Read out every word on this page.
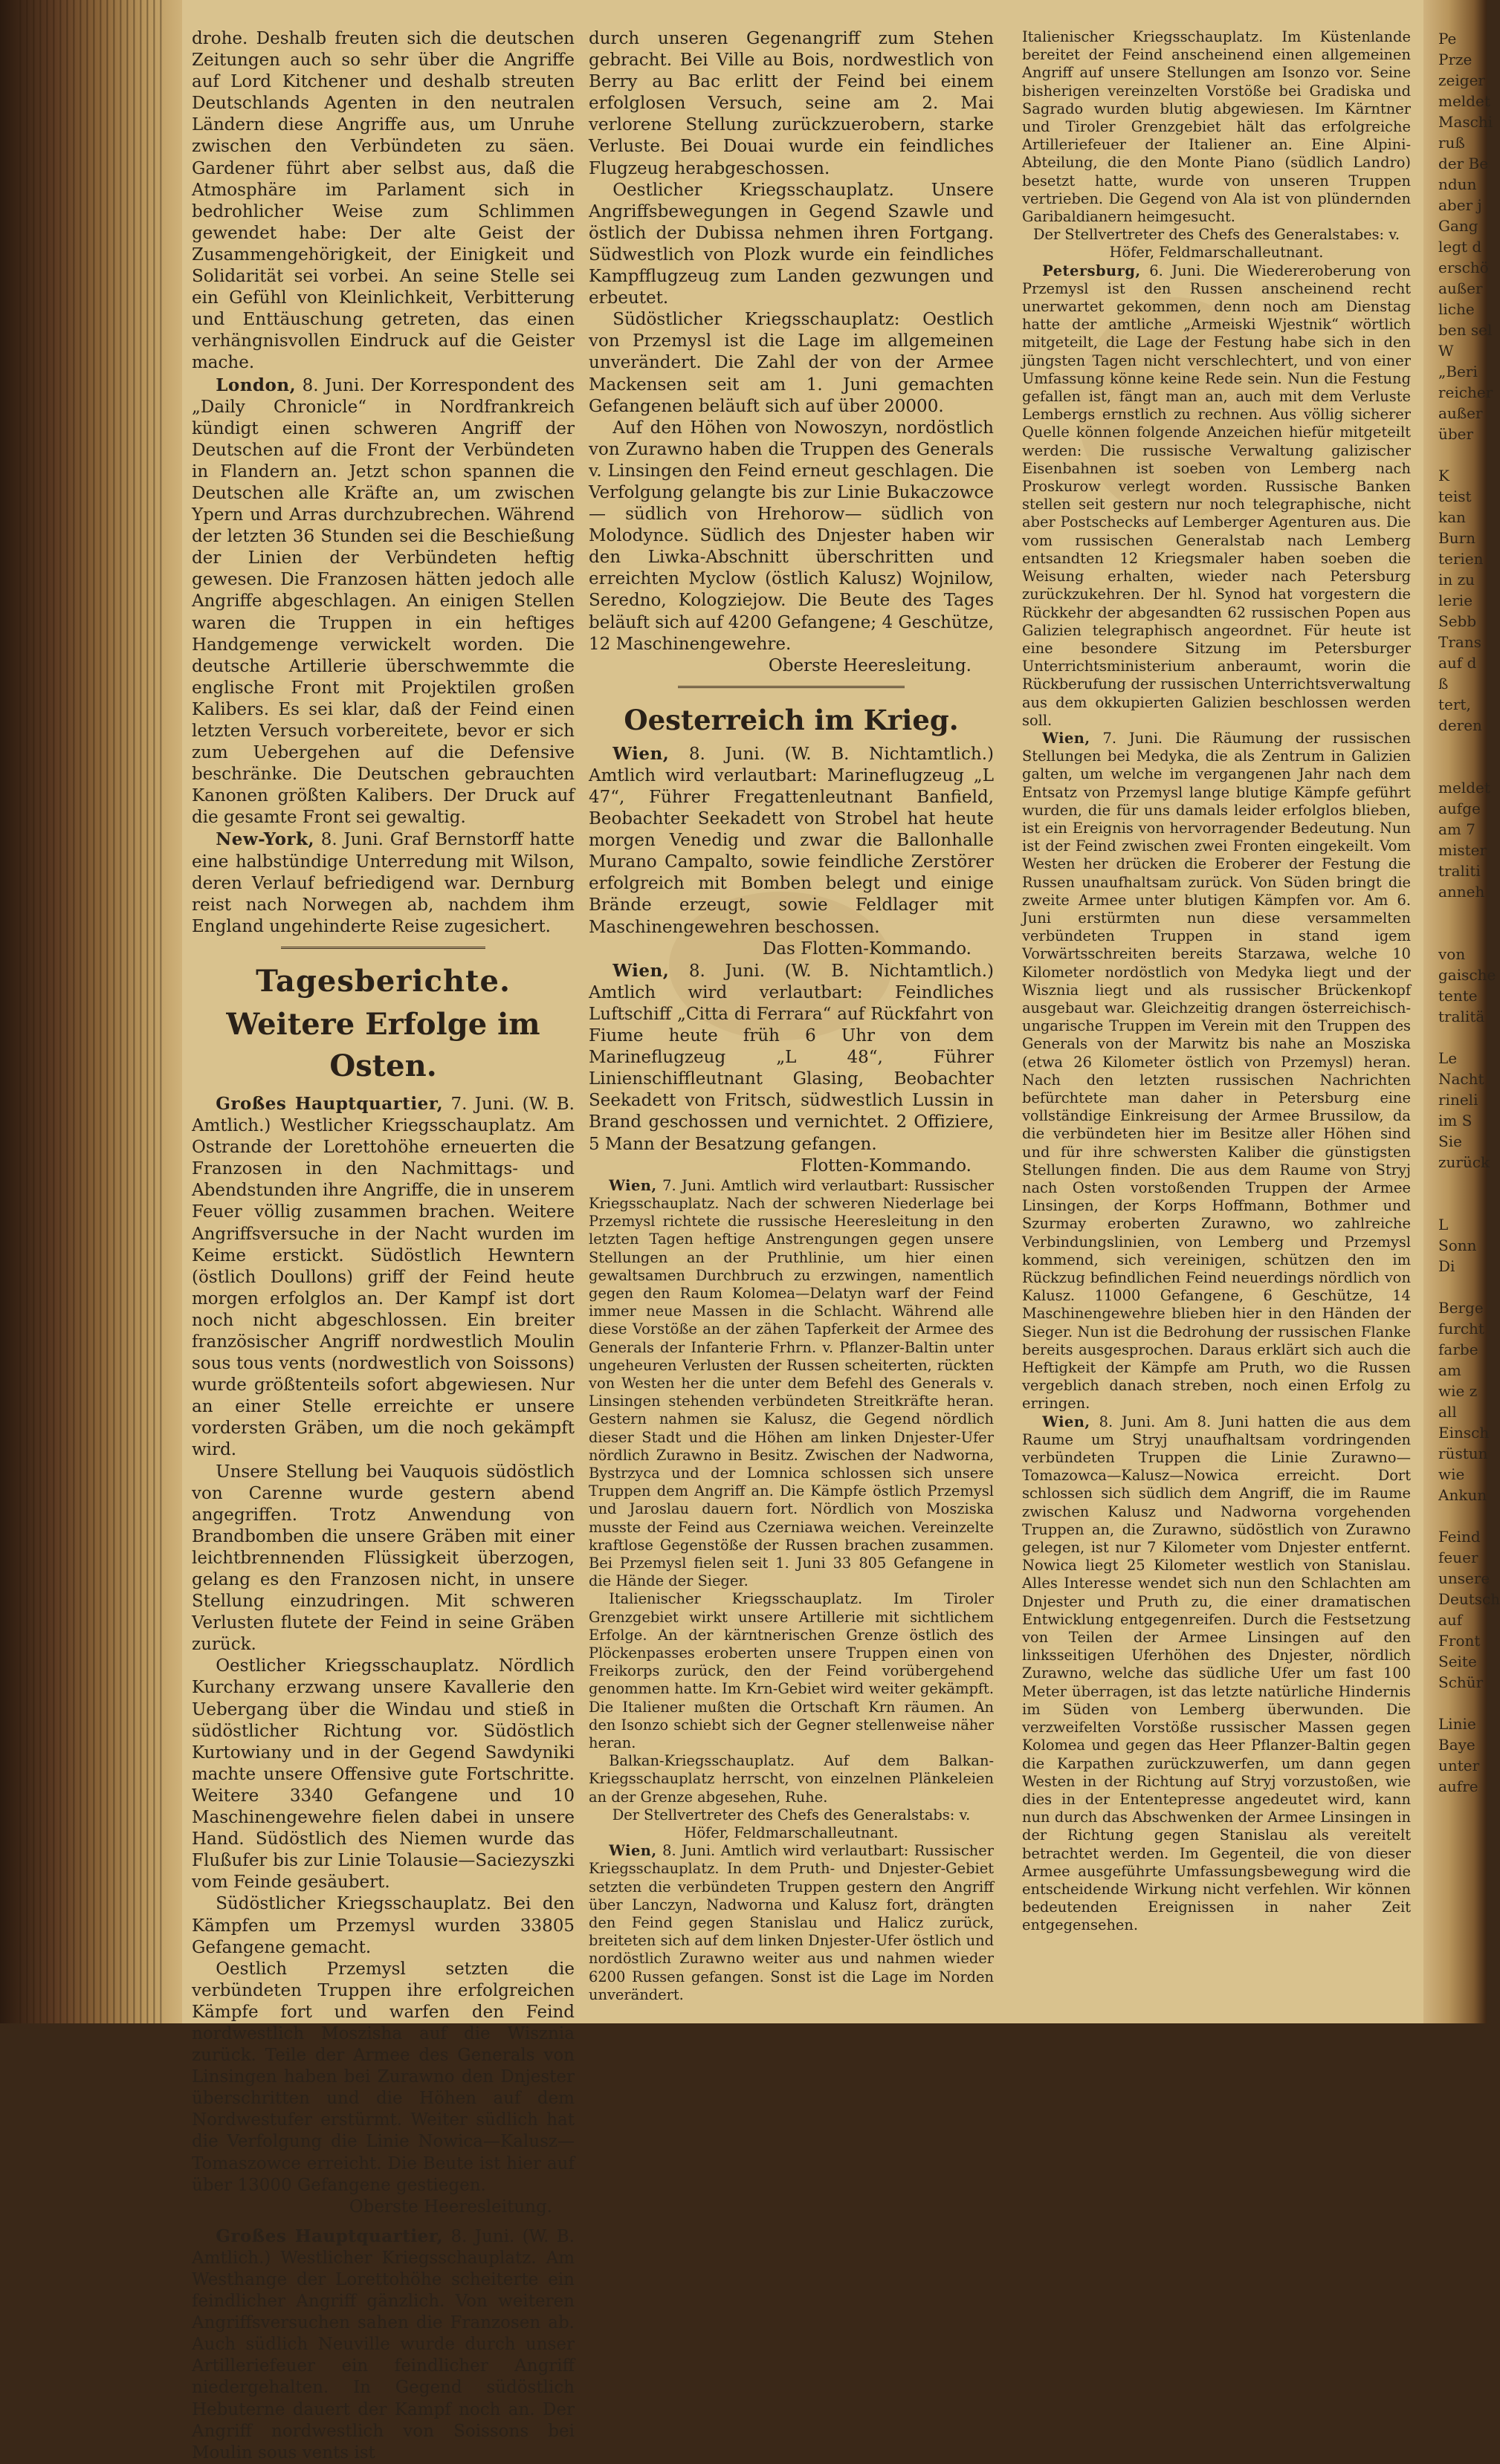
drohe. Deshalb freuten sich die deutschen Zeitungen auch so sehr über die Angriffe auf Lord Kitchener und deshalb streuten Deutschlands Agenten in den neutralen Ländern diese Angriffe aus, um Unruhe zwischen den Verbündeten zu säen. Gardener führt aber selbst aus, daß die Atmosphäre im Parlament sich in bedrohlicher Weise zum Schlimmen gewendet habe: Der alte Geist der Zusammengehörigkeit, der Einigkeit und Solidarität sei vorbei. An seine Stelle sei ein Gefühl von Kleinlichkeit, Verbitterung und Enttäuschung getreten, das einen verhängnisvollen Eindruck auf die Geister mache.

London, 8. Juni. Der Korrespondent des „Daily Chronicle“ in Nordfrankreich kündigt einen schweren Angriff der Deutschen auf die Front der Verbündeten in Flandern an. Jetzt schon spannen die Deutschen alle Kräfte an, um zwischen Ypern und Arras durchzubrechen. Während der letzten 36 Stunden sei die Beschießung der Linien der Verbündeten heftig gewesen. Die Franzosen hätten jedoch alle Angriffe abgeschlagen. An einigen Stellen waren die Truppen in ein heftiges Handgemenge verwickelt worden. Die deutsche Artillerie überschwemmte die englische Front mit Projektilen großen Kalibers. Es sei klar, daß der Feind einen letzten Versuch vorbereitete, bevor er sich zum Uebergehen auf die Defensive beschränke. Die Deutschen gebrauchten Kanonen größten Kalibers. Der Druck auf die gesamte Front sei gewaltig.

New-York, 8. Juni. Graf Bernstorff hatte eine halbstündige Unterredung mit Wilson, deren Verlauf befriedigend war. Dernburg reist nach Norwegen ab, nachdem ihm England ungehinderte Reise zugesichert.

Tagesberichte.
Weitere Erfolge im Osten.

Großes Hauptquartier, 7. Juni. (W. B. Amtlich.) Westlicher Kriegsschauplatz. Am Ostrande der Lorettohöhe erneuerten die Franzosen in den Nachmittags- und Abendstunden ihre Angriffe, die in unserem Feuer völlig zusammen brachen. Weitere Angriffsversuche in der Nacht wurden im Keime erstickt. Südöstlich Hewntern (östlich Doullons) griff der Feind heute morgen erfolglos an. Der Kampf ist dort noch nicht abgeschlossen. Ein breiter französischer Angriff nordwestlich Moulin sous tous vents (nordwestlich von Soissons) wurde größtenteils sofort abgewiesen. Nur an einer Stelle erreichte er unsere vordersten Gräben, um die noch gekämpft wird.

Unsere Stellung bei Vauquois südöstlich von Carenne wurde gestern abend angegriffen. Trotz Anwendung von Brandbomben die unsere Gräben mit einer leichtbrennenden Flüssigkeit überzogen, gelang es den Franzosen nicht, in unsere Stellung einzudringen. Mit schweren Verlusten flutete der Feind in seine Gräben zurück.

Oestlicher Kriegsschauplatz. Nördlich Kurchany erzwang unsere Kavallerie den Uebergang über die Windau und stieß in südöstlicher Richtung vor. Südöstlich Kurtowiany und in der Gegend Sawdyniki machte unsere Offensive gute Fortschritte. Weitere 3340 Gefangene und 10 Maschinengewehre fielen dabei in unsere Hand. Südöstlich des Niemen wurde das Flußufer bis zur Linie Tolausie—Saciezyszki vom Feinde gesäubert.

Südöstlicher Kriegsschauplatz. Bei den Kämpfen um Przemysl wurden 33805 Gefangene gemacht.

Oestlich Przemysl setzten die verbündeten Truppen ihre erfolgreichen Kämpfe fort und warfen den Feind nordwestlich Moszisha auf die Wisznia zurück. Teile der Armee des Generals von Linsingen haben bei Zurawno den Dnjester überschritten und die Höhen auf dem Nordwestufer erstürmt. Weiter südlich hat die Verfolgung die Linie Nowica—Kalusz—Tomaszowce erreicht. Die Beute ist hier auf über 13000 Gefangene gestiegen.

Oberste Heeresleitung.

Großes Hauptquartier, 8. Juni. (W. B. Amtlich.) Westlicher Kriegsschauplatz. Am Westhange der Lorettohöhe scheiterte ein feindlicher Angriff gänzlich. Von weiteren Angriffsversuchen sahen die Franzosen ab. Auch südlich Neuville wurde durch unser Artilleriefeuer ein feindlicher Angriff niedergehalten. In Gegend südöstlich Hebuterne dauert der Kampf noch an. Der Angriff nordwestlich von Soissons bei Moulin sous vents ist

durch unseren Gegenangriff zum Stehen gebracht. Bei Ville au Bois, nordwestlich von Berry au Bac erlitt der Feind bei einem erfolglosen Versuch, seine am 2. Mai verlorene Stellung zurückzuerobern, starke Verluste. Bei Douai wurde ein feindliches Flugzeug herabgeschossen.

Oestlicher Kriegsschauplatz. Unsere Angriffsbewegungen in Gegend Szawle und östlich der Dubissa nehmen ihren Fortgang. Südwestlich von Plozk wurde ein feindliches Kampfflugzeug zum Landen gezwungen und erbeutet.

Südöstlicher Kriegsschauplatz: Oestlich von Przemysl ist die Lage im allgemeinen unverändert. Die Zahl der von der Armee Mackensen seit am 1. Juni gemachten Gefangenen beläuft sich auf über 20000.

Auf den Höhen von Nowoszyn, nordöstlich von Zurawno haben die Truppen des Generals v. Linsingen den Feind erneut geschlagen. Die Verfolgung gelangte bis zur Linie Bukaczowce— südlich von Hrehorow— südlich von Molodynce. Südlich des Dnjester haben wir den Liwka-Abschnitt überschritten und erreichten Myclow (östlich Kalusz) Wojnilow, Seredno, Kologziejow. Die Beute des Tages beläuft sich auf 4200 Gefangene; 4 Geschütze, 12 Maschinengewehre.

Oberste Heeresleitung.

Oesterreich im Krieg.

Wien, 8. Juni. (W. B. Nichtamtlich.) Amtlich wird verlautbart: Marineflugzeug „L 47“, Führer Fregattenleutnant Banfield, Beobachter Seekadett von Strobel hat heute morgen Venedig und zwar die Ballonhalle Murano Campalto, sowie feindliche Zerstörer erfolgreich mit Bomben belegt und einige Brände erzeugt, sowie Feldlager mit Maschinengewehren beschossen.

Das Flotten-Kommando.

Wien, 8. Juni. (W. B. Nichtamtlich.) Amtlich wird verlautbart: Feindliches Luftschiff „Citta di Ferrara“ auf Rückfahrt von Fiume heute früh 6 Uhr von dem Marineflugzeug „L 48“, Führer Linienschiffleutnant Glasing, Beobachter Seekadett von Fritsch, südwestlich Lussin in Brand geschossen und vernichtet. 2 Offiziere, 5 Mann der Besatzung gefangen.

Flotten-Kommando.

Wien, 7. Juni. Amtlich wird verlautbart: Russischer Kriegsschauplatz. Nach der schweren Niederlage bei Przemysl richtete die russische Heeresleitung in den letzten Tagen heftige Anstrengungen gegen unsere Stellungen an der Pruthlinie, um hier einen gewaltsamen Durchbruch zu erzwingen, namentlich gegen den Raum Kolomea—Delatyn warf der Feind immer neue Massen in die Schlacht. Während alle diese Vorstöße an der zähen Tapferkeit der Armee des Generals der Infanterie Frhrn. v. Pflanzer-Baltin unter ungeheuren Verlusten der Russen scheiterten, rückten von Westen her die unter dem Befehl des Generals v. Linsingen stehenden verbündeten Streitkräfte heran. Gestern nahmen sie Kalusz, die Gegend nördlich dieser Stadt und die Höhen am linken Dnjester-Ufer nördlich Zurawno in Besitz. Zwischen der Nadworna, Bystrzyca und der Lomnica schlossen sich unsere Truppen dem Angriff an. Die Kämpfe östlich Przemysl und Jaroslau dauern fort. Nördlich von Mosziska musste der Feind aus Czerniawa weichen. Vereinzelte kraftlose Gegenstöße der Russen brachen zusammen. Bei Przemysl fielen seit 1. Juni 33 805 Gefangene in die Hände der Sieger.

Italienischer Kriegsschauplatz. Im Tiroler Grenzgebiet wirkt unsere Artillerie mit sichtlichem Erfolge. An der kärntnerischen Grenze östlich des Plöckenpasses eroberten unsere Truppen einen von Freikorps zurück, den der Feind vorübergehend genommen hatte. Im Krn-Gebiet wird weiter gekämpft. Die Italiener mußten die Ortschaft Krn räumen. An den Isonzo schiebt sich der Gegner stellenweise näher heran.

Balkan-Kriegsschauplatz. Auf dem Balkan-Kriegsschauplatz herrscht, von einzelnen Plänkeleien an der Grenze abgesehen, Ruhe.

Der Stellvertreter des Chefs des Generalstabs: v. Höfer, Feldmarschalleutnant.

Wien, 8. Juni. Amtlich wird verlautbart: Russischer Kriegsschauplatz. In dem Pruth- und Dnjester-Gebiet setzten die verbündeten Truppen gestern den Angriff über Lanczyn, Nadworna und Kalusz fort, drängten den Feind gegen Stanislau und Halicz zurück, breiteten sich auf dem linken Dnjester-Ufer östlich und nordöstlich Zurawno weiter aus und nahmen wieder 6200 Russen gefangen. Sonst ist die Lage im Norden unverändert.

Italienischer Kriegsschauplatz. Im Küstenlande bereitet der Feind anscheinend einen allgemeinen Angriff auf unsere Stellungen am Isonzo vor. Seine bisherigen vereinzelten Vorstöße bei Gradiska und Sagrado wurden blutig abgewiesen. Im Kärntner und Tiroler Grenzgebiet hält das erfolgreiche Artilleriefeuer der Italiener an. Eine Alpini-Abteilung, die den Monte Piano (südlich Landro) besetzt hatte, wurde von unseren Truppen vertrieben. Die Gegend von Ala ist von plündernden Garibaldianern heimgesucht.

Der Stellvertreter des Chefs des Generalstabes: v. Höfer, Feldmarschalleutnant.

Petersburg, 6. Juni. Die Wiedereroberung von Przemysl ist den Russen anscheinend recht unerwartet gekommen, denn noch am Dienstag hatte der amtliche „Armeiski Wjestnik“ wörtlich mitgeteilt, die Lage der Festung habe sich in den jüngsten Tagen nicht verschlechtert, und von einer Umfassung könne keine Rede sein. Nun die Festung gefallen ist, fängt man an, auch mit dem Verluste Lembergs ernstlich zu rechnen. Aus völlig sicherer Quelle können folgende Anzeichen hiefür mitgeteilt werden: Die russische Verwaltung galizischer Eisenbahnen ist soeben von Lemberg nach Proskurow verlegt worden. Russische Banken stellen seit gestern nur noch telegraphische, nicht aber Postschecks auf Lemberger Agenturen aus. Die vom russischen Generalstab nach Lemberg entsandten 12 Kriegsmaler haben soeben die Weisung erhalten, wieder nach Petersburg zurückzukehren. Der hl. Synod hat vorgestern die Rückkehr der abgesandten 62 russischen Popen aus Galizien telegraphisch angeordnet. Für heute ist eine besondere Sitzung im Petersburger Unterrichtsministerium anberaumt, worin die Rückberufung der russischen Unterrichtsverwaltung aus dem okkupierten Galizien beschlossen werden soll.

Wien, 7. Juni. Die Räumung der russischen Stellungen bei Medyka, die als Zentrum in Galizien galten, um welche im vergangenen Jahr nach dem Entsatz von Przemysl lange blutige Kämpfe geführt wurden, die für uns damals leider erfolglos blieben, ist ein Ereignis von hervorragender Bedeutung. Nun ist der Feind zwischen zwei Fronten eingekeilt. Vom Westen her drücken die Eroberer der Festung die Russen unaufhaltsam zurück. Von Süden bringt die zweite Armee unter blutigen Kämpfen vor. Am 6. Juni erstürmten nun diese versammelten verbündeten Truppen in stand igem Vorwärtsschreiten bereits Starzawa, welche 10 Kilometer nordöstlich von Medyka liegt und der Wisznia liegt und als russischer Brückenkopf ausgebaut war. Gleichzeitig drangen österreichisch-ungarische Truppen im Verein mit den Truppen des Generals von der Marwitz bis nahe an Mosziska (etwa 26 Kilometer östlich von Przemysl) heran. Nach den letzten russischen Nachrichten befürchtete man daher in Petersburg eine vollständige Einkreisung der Armee Brussilow, da die verbündeten hier im Besitze aller Höhen sind und für ihre schwersten Kaliber die günstigsten Stellungen finden. Die aus dem Raume von Stryj nach Osten vorstoßenden Truppen der Armee Linsingen, der Korps Hoffmann, Bothmer und Szurmay eroberten Zurawno, wo zahlreiche Verbindungslinien, von Lemberg und Przemysl kommend, sich vereinigen, schützen den im Rückzug befindlichen Feind neuerdings nördlich von Kalusz. 11000 Gefangene, 6 Geschütze, 14 Maschinengewehre blieben hier in den Händen der Sieger. Nun ist die Bedrohung der russischen Flanke bereits ausgesprochen. Daraus erklärt sich auch die Heftigkeit der Kämpfe am Pruth, wo die Russen vergeblich danach streben, noch einen Erfolg zu erringen.

Wien, 8. Juni. Am 8. Juni hatten die aus dem Raume um Stryj unaufhaltsam vordringenden verbündeten Truppen die Linie Zurawno—Tomazowca—Kalusz—Nowica erreicht. Dort schlossen sich südlich dem Angriff, die im Raume zwischen Kalusz und Nadworna vorgehenden Truppen an, die Zurawno, südöstlich von Zurawno gelegen, ist nur 7 Kilometer vom Dnjester entfernt. Nowica liegt 25 Kilometer westlich von Stanislau. Alles Interesse wendet sich nun den Schlachten am Dnjester und Pruth zu, die einer dramatischen Entwicklung entgegenreifen. Durch die Festsetzung von Teilen der Armee Linsingen auf den linksseitigen Uferhöhen des Dnjester, nördlich Zurawno, welche das südliche Ufer um fast 100 Meter überragen, ist das letzte natürliche Hindernis im Süden von Lemberg überwunden. Die verzweifelten Vorstöße russischer Massen gegen Kolomea und gegen das Heer Pflanzer-Baltin gegen die Karpathen zurückzuwerfen, um dann gegen Westen in der Richtung auf Stryj vorzustoßen, wie dies in der Ententepresse angedeutet wird, kann nun durch das Abschwenken der Armee Linsingen in der Richtung gegen Stanislau als vereitelt betrachtet werden. Im Gegenteil, die von dieser Armee ausgeführte Umfassungsbewegung wird die entscheidende Wirkung nicht verfehlen. Wir können bedeutenden Ereignissen in naher Zeit entgegensehen.

Pe
Prze
zeiger
meldet
Maschi
ruß
der Be
ndun
aber j
Gang
legt d
erschö
außer
liche
ben sel
W
„Beri
reicher
außer
über
K
teist
kan
Burn
terien
in zu
lerie
Sebb
Trans
auf d
ß
tert,
deren
meldet
aufge
am 7
mister
traliti
anneh
von
gaische
tente
tralitä
Le
Nacht
rineli
im S
Sie
zurück
L
Sonn
Di
Berge
furcht
farbe
am
wie z
all
Einsch
rüstun
wie
Ankun
Feind
feuer
unsere
Deutsch
auf
Front
Seite
Schür
Linie
Baye
unter
aufre
